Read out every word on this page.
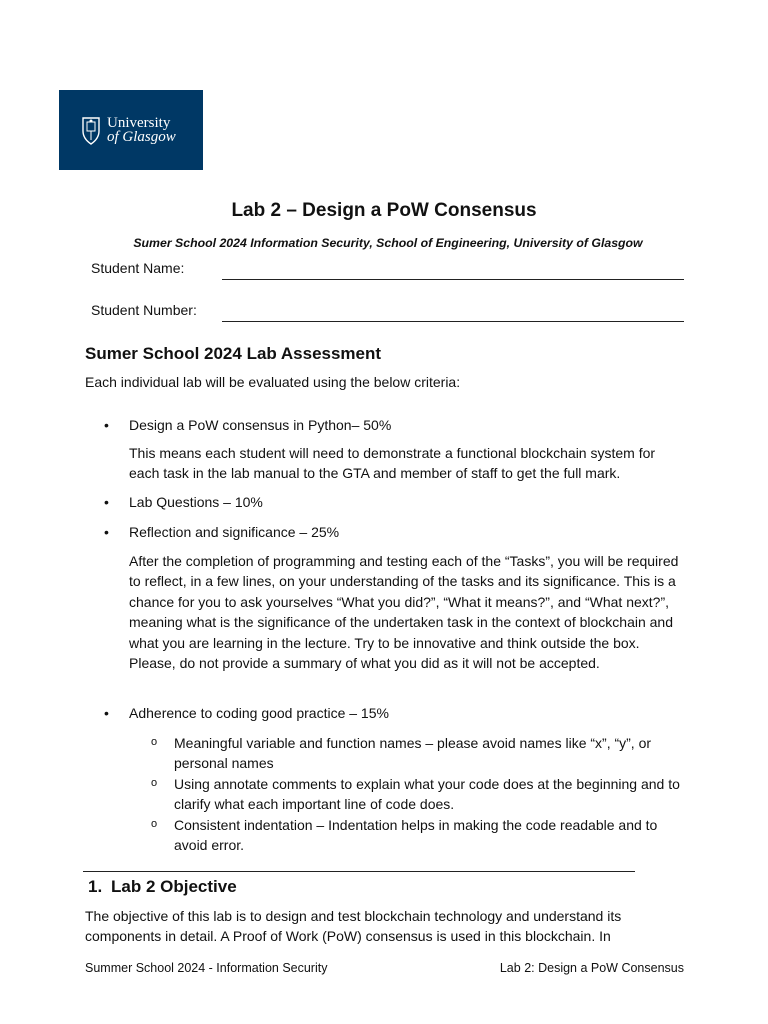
University
of Glasgow
Lab 2 – Design a PoW Consensus
Sumer School 2024 Information Security, School of Engineering, University of Glasgow
Student Name:
Student Number:
Sumer School 2024 Lab Assessment
Each individual lab will be evaluated using the below criteria:
• Design a PoW consensus in Python– 50%
This means each student will need to demonstrate a functional blockchain system for each task in the lab manual to the GTA and member of staff to get the full mark.
• Lab Questions – 10%
• Reflection and significance – 25%
After the completion of programming and testing each of the “Tasks”, you will be required to reflect, in a few lines, on your understanding of the tasks and its significance. This is a chance for you to ask yourselves “What you did?”, “What it means?”, and “What next?”, meaning what is the significance of the undertaken task in the context of blockchain and what you are learning in the lecture. Try to be innovative and think outside the box. Please, do not provide a summary of what you did as it will not be accepted.
• Adherence to coding good practice – 15%
o Meaningful variable and function names – please avoid names like “x”, “y”, or personal names
o Using annotate comments to explain what your code does at the beginning and to clarify what each important line of code does.
o Consistent indentation – Indentation helps in making the code readable and to avoid error.
1. Lab 2 Objective
The objective of this lab is to design and test blockchain technology and understand its components in detail. A Proof of Work (PoW) consensus is used in this blockchain. In
Summer School 2024 - Information Security	Lab 2: Design a PoW Consensus
